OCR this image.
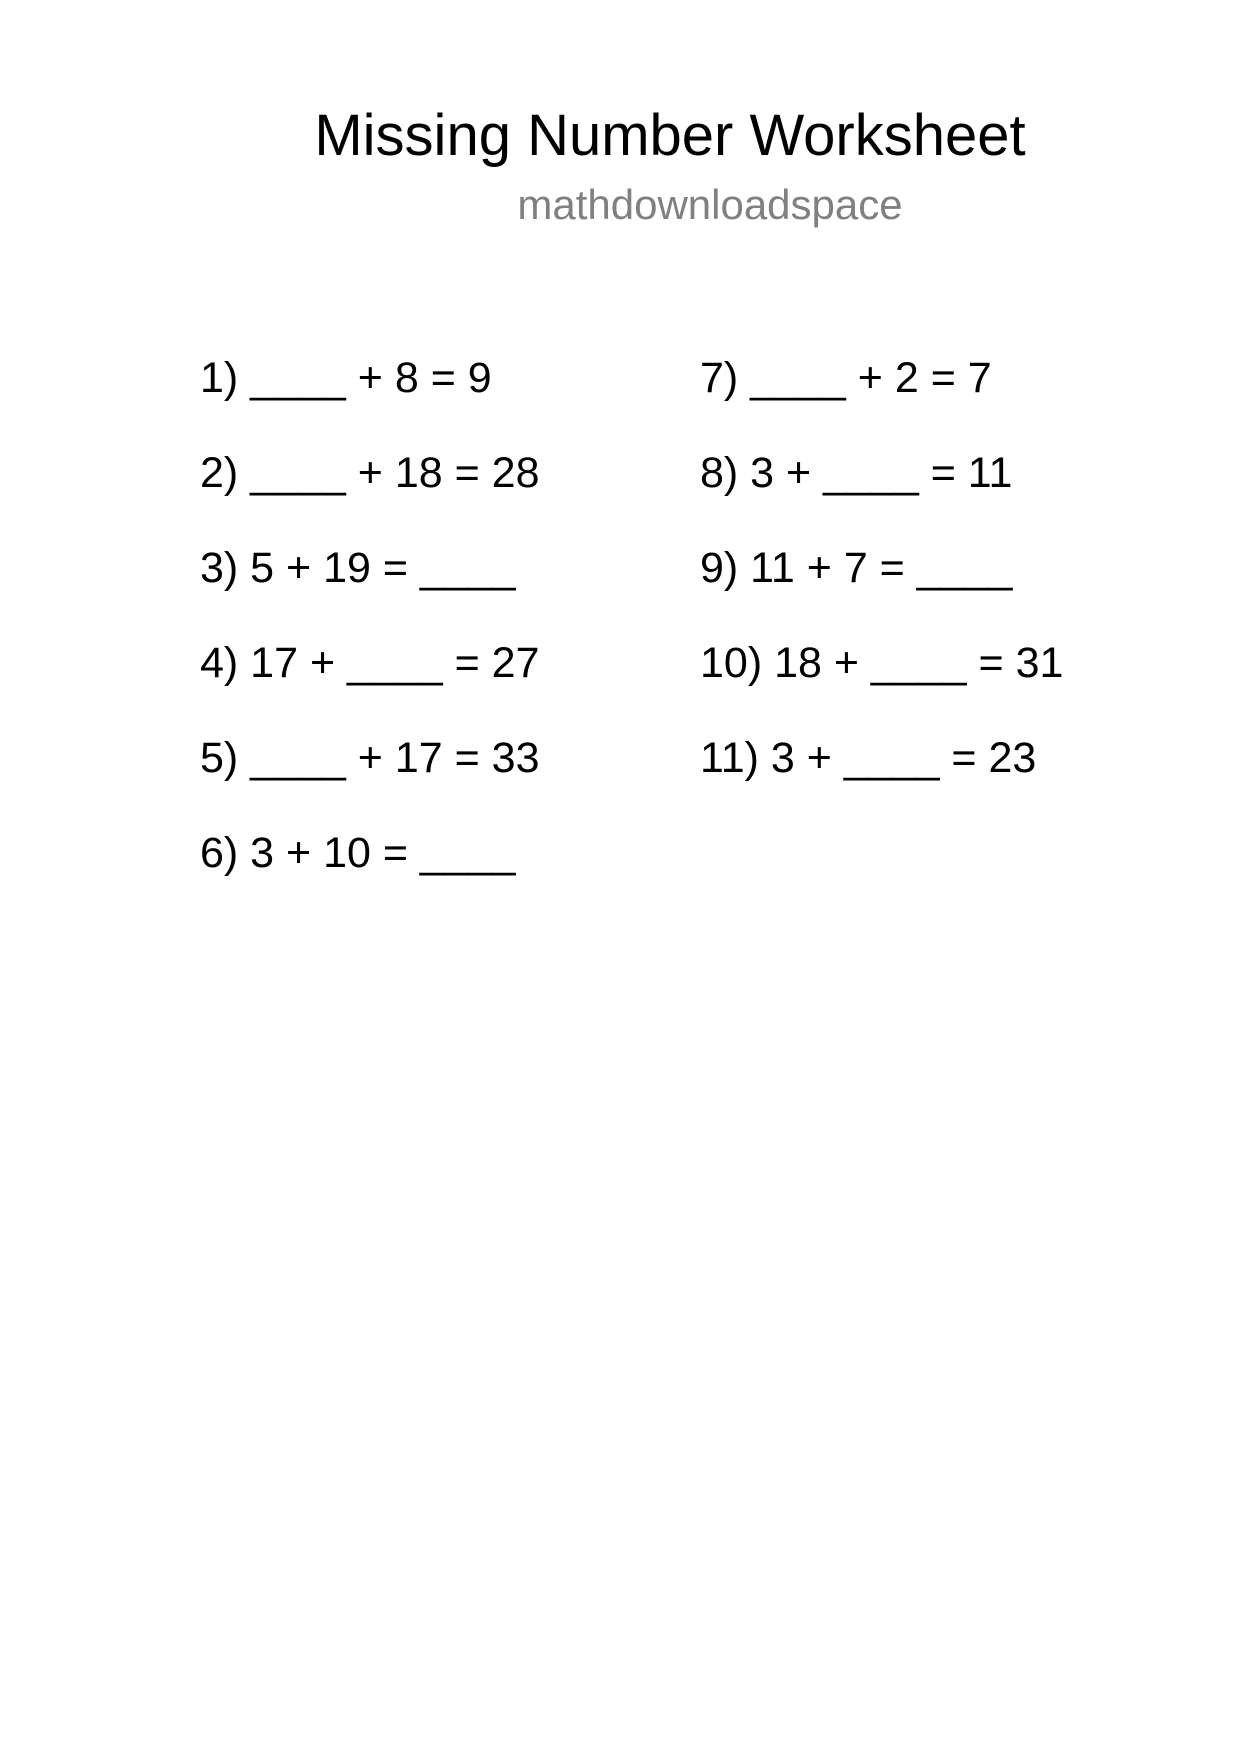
Missing Number Worksheet
mathdownloadspace
1) ____ + 8 = 9
2) ____ + 18 = 28
3) 5 + 19 = ____
4) 17 + ____ = 27
5) ____ + 17 = 33
6) 3 + 10 = ____
7) ____ + 2 = 7
8) 3 + ____ = 11
9) 11 + 7 = ____
10) 18 + ____ = 31
11) 3 + ____ = 23
